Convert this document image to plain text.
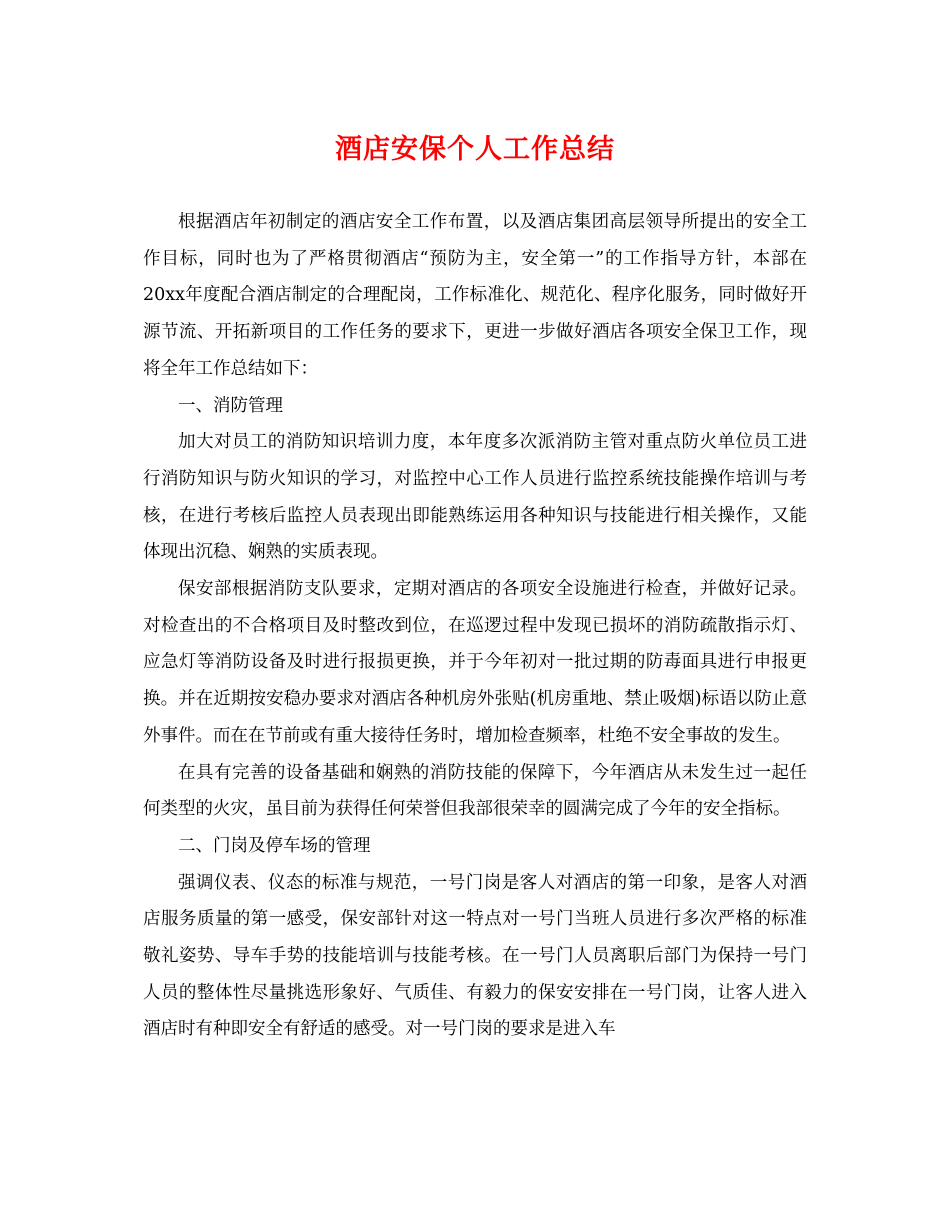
酒店安保个人工作总结

根据酒店年初制定的酒店安全工作布置，以及酒店集团高层领导所提出的安全工作目标，同时也为了严格贯彻酒店“预防为主，安全第一”的工作指导方针，本部在20xx年度配合酒店制定的合理配岗，工作标准化、规范化、程序化服务，同时做好开源节流、开拓新项目的工作任务的要求下，更进一步做好酒店各项安全保卫工作，现将全年工作总结如下：

一、消防管理

加大对员工的消防知识培训力度，本年度多次派消防主管对重点防火单位员工进行消防知识与防火知识的学习，对监控中心工作人员进行监控系统技能操作培训与考核，在进行考核后监控人员表现出即能熟练运用各种知识与技能进行相关操作，又能体现出沉稳、娴熟的实质表现。

保安部根据消防支队要求，定期对酒店的各项安全设施进行检查，并做好记录。对检查出的不合格项目及时整改到位，在巡逻过程中发现已损坏的消防疏散指示灯、应急灯等消防设备及时进行报损更换，并于今年初对一批过期的防毒面具进行申报更换。并在近期按安稳办要求对酒店各种机房外张贴(机房重地、禁止吸烟)标语以防止意外事件。而在在节前或有重大接待任务时，增加检查频率，杜绝不安全事故的发生。

在具有完善的设备基础和娴熟的消防技能的保障下，今年酒店从未发生过一起任何类型的火灾，虽目前为获得任何荣誉但我部很荣幸的圆满完成了今年的安全指标。

二、门岗及停车场的管理

强调仪表、仪态的标准与规范，一号门岗是客人对酒店的第一印象，是客人对酒店服务质量的第一感受，保安部针对这一特点对一号门当班人员进行多次严格的标准敬礼姿势、导车手势的技能培训与技能考核。在一号门人员离职后部门为保持一号门人员的整体性尽量挑选形象好、气质佳、有毅力的保安安排在一号门岗，让客人进入酒店时有种即安全有舒适的感受。对一号门岗的要求是进入车
